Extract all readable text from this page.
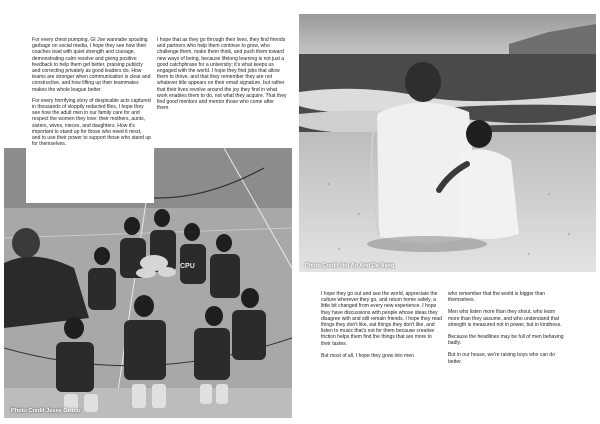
CPU

For every chest pumping, GI Joe wannabe spouting garbage on social media, I hope they see how their coaches lead with quiet strength and courage, demonstrating calm resolve and giving positive feedback to help them get better, praising publicly and correcting privately as good leaders do. How teams are stronger when communication is clear and constructive, and how lifting up their teammates makes the whole league better.

For every horrifying story of despicable acts captured in thousands of sloppily redacted files, I hope they see how the adult men in our family care for and respect the women they love: their mothers, aunts, sisters, wives, nieces, and daughters. How it's important to stand up for those who need it most, and to use their power to support those who stand up for themselves.

I hope that as they go through their lives, they find friends and partners who help them continue to grow, who challenge them, make them think, and push them toward new ways of being, because lifelong learning is not just a good catchphrase for a university; it's what keeps us engaged with the world. I hope they find jobs that allow them to thrive, and that they remember they are not whatever title appears on their email signature, but rather that their lives revolve around the joy they find in what work enables them to do, not what they acquire. That they find good mentors and mentor those who come after them.

Photo Credit Jesse Orrico
Photo Credit Hoi An And Da Nang

I hope they go out and see the world, appreciate the culture wherever they go, and return home safely, a little bit changed from every new experience. I hope they have discussions with people whose ideas they disagree with and still remain friends. I hope they read things they don't like, eat things they don't like, and listen to music that's not for them because creative friction helps them find the things that are more to their tastes.

But most of all, I hope they grow into men

who remember that the world is bigger than themselves.

Men who listen more than they shout, who learn more than they assume, and who understand that strength is measured not in power, but in kindness.

Because the headlines may be full of men behaving badly.

But in our house, we're raising boys who can do better.
